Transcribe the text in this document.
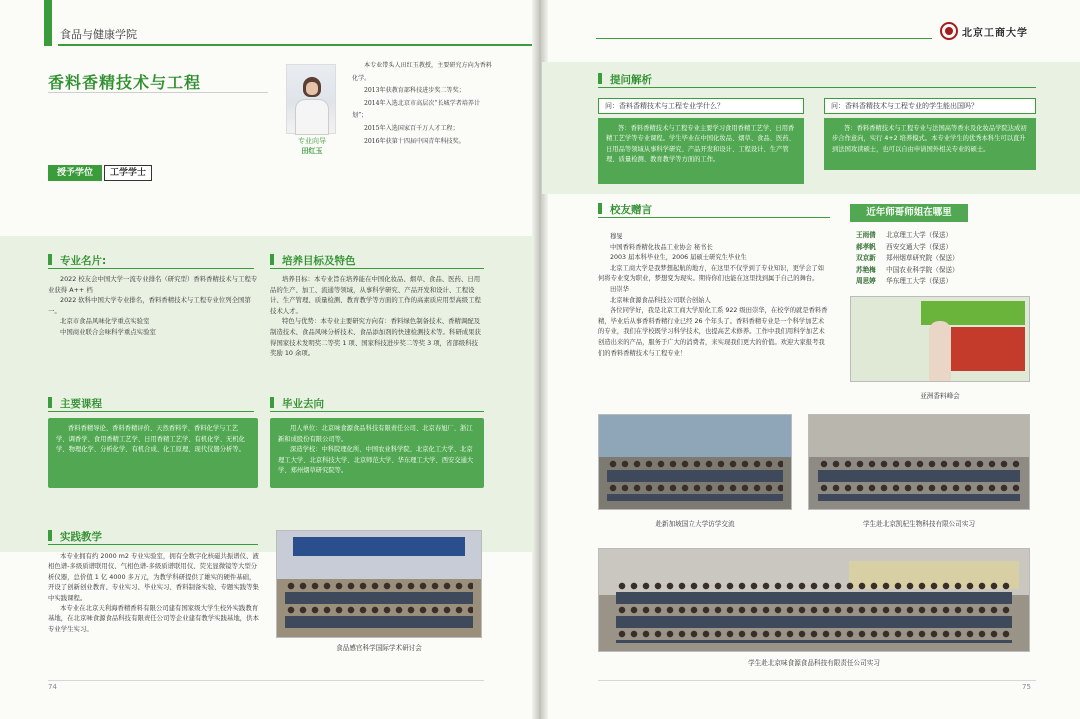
食品与健康学院
香料香精技术与工程
专业向导
田红玉

本专业带头人田红玉教授，主要研究方向为香料化学。

2013年获教育部科技进步奖二等奖；

2014年入选北京市高层次“长城学者培养计划”；

2015年入选国家百千万人才工程；

2016年获第十四届中国青年科技奖。

授予学位	工学学士
专业名片:

2022 校友会中国大学一流专业排名（研究型）香料香精技术与工程专业获得 A++ 档

2022 软科中国大学专业排名，香料香精技术与工程专业位列全国第一。

北京市食品风味化学重点实验室

中国商业联合会味科学重点实验室

培养目标及特色

培养目标：本专业旨在培养能在中国化妆品、烟草、食品、医药、日用品的生产、加工、流通等领域，从事科学研究、产品开发和设计、工程设计、生产管理、质量检测、教育教学等方面的工作的高素质应用型高级工程技术人才。

特色与优势：本专业主要研究方向有：香料绿色制备技术、香精调配及制造技术、食品风味分析技术、食品添加剂的快速检测技术等。科研成果获得国家技术发明奖二等奖 1 项、国家科技进步奖二等奖 3 项，省部级科技奖励 10 余项。

主要课程

香料香精导论、香料香精评价、天然香料学、香料化学与工艺学、调香学、食用香精工艺学、日用香精工艺学、有机化学、无机化学、物理化学、分析化学、有机合成、化工原理、现代仪器分析等。

毕业去向

用人单位：北京味食源食品科技有限责任公司、北京春旭厂、浙江新和成股份有限公司等。

深造学校：中科院理化所、中国农业科学院、北京化工大学、北京理工大学、北京科技大学、北京师范大学、华东理工大学、西安交通大学、郑州烟草研究院等。

实践教学

本专业拥有约 2000 m2 专业实验室，拥有全数字化核磁共振谱仪、液相色谱-多级质谱联用仪、气相色谱-多级质谱联用仪、荧光显微镜等大型分析仪器，总价值 1 亿 4000 多万元，为教学科研提供了雄实的硬件基础，开设了创新创业教育、专业实习、毕业实习、香料制备实验、专题实践等集中实践课程。

本专业在北京天利海香精香料有限公司建有国家级大学生校外实践教育基地，在北京味食源食品科技有限责任公司等企业建有教学实践基地，供本专业学生实习。

食品感官科学国际学术研讨会
74
北京工商大学
提问解析
问：香料香精技术与工程专业学什么？

答：香料香精技术与工程专业主要学习食用香精工艺学、日用香精工艺学等专业课程。学生毕业在中国化妆品、烟草、食品、医药、日用品等领域从事科学研究、产品开发和设计、工程设计、生产管理、质量检测、教育教学等方面的工作。

问：香料香精技术与工程专业的学生能出国吗？

答：香料香精技术与工程专业与法国高等香水及化妆品学院达成初步合作意向，实行 4+2 培养模式。本专业学生的优秀本科生可以直升到法国攻读硕士，也可以自由申请国外相关专业的硕士。

校友赠言
穆旻
中国香料香精化妆品工业协会 秘书长
2003 届本科毕业生，2006 届硕士研究生毕业生

北京工商大学是我梦想起航的地方，在这里不仅学到了专业知识，更学会了如何将专业变为职业，梦想变为现实。期待你们也能在这里找到属于自己的舞台。

田崇华
北京味食源食品科技公司联合创始人

各位同学好，我是北京工商大学原化工系 922 级田崇华，在校学的就是香料香精，毕业后从事香料香精行业已经 26 个年头了。香料香精专业是一个科学加艺术的专业，我们在学校既学习科学技术，也提高艺术修养。工作中我们用科学加艺术创造出来的产品，服务于广大的消费者，来实现我们更大的价值。欢迎大家报考我们的香料香精技术与工程专业！

近年师哥师姐在哪里
王雨倩 北京理工大学（保送）
郝孝帆 西安交通大学（保送）
双京新 郑州烟草研究院（保送）
苏艳梅 中国农业科学院（保送）
周思婷 华东理工大学（保送）
亚洲香料峰会
赴新加坡国立大学访学交流	学生赴北京凯杞生物科技有限公司实习
学生赴北京味食源食品科技有限责任公司实习
75
